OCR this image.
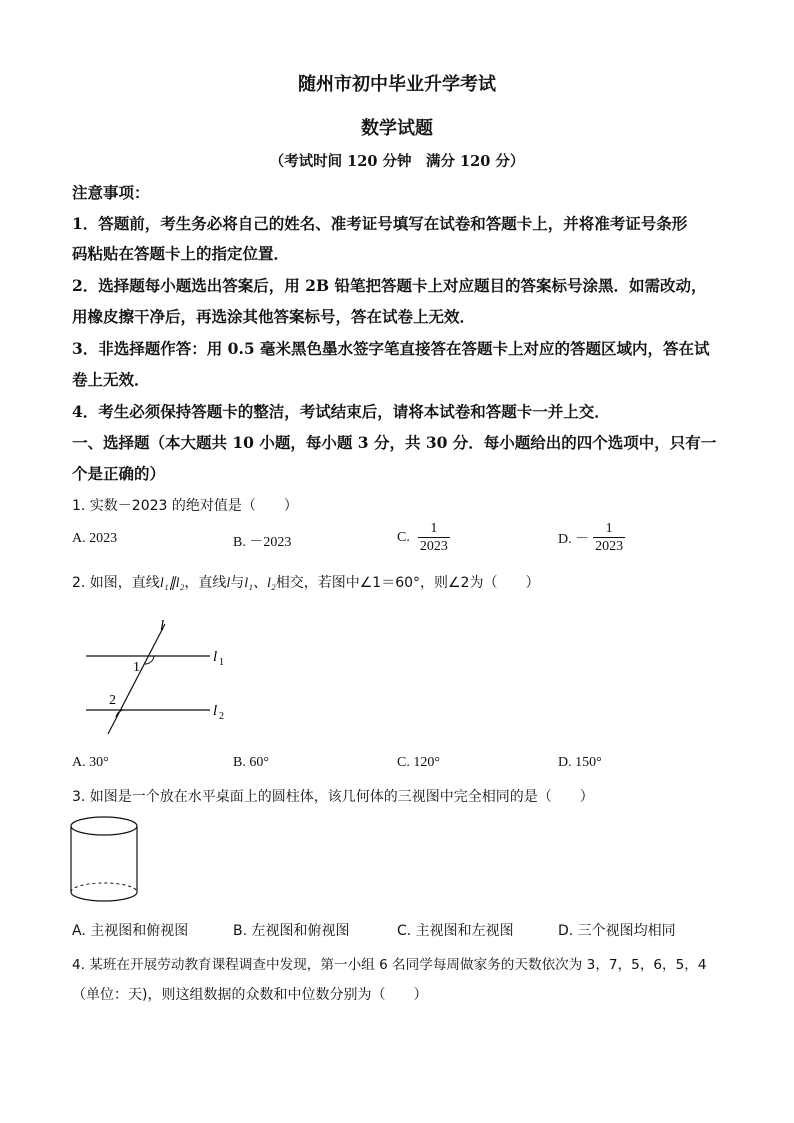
随州市初中毕业升学考试
数学试题
（考试时间 120 分钟　满分 120 分）
注意事项：
1．答题前，考生务必将自己的姓名、准考证号填写在试卷和答题卡上，并将准考证号条形
码粘贴在答题卡上的指定位置．
2．选择题每小题选出答案后，用 2B 铅笔把答题卡上对应题目的答案标号涂黑．如需改动，
用橡皮擦干净后，再选涂其他答案标号，答在试卷上无效．
3．非选择题作答：用 0.5 毫米黑色墨水签字笔直接答在答题卡上对应的答题区域内，答在试
卷上无效．
4．考生必须保持答题卡的整洁，考试结束后，请将本试卷和答题卡一并上交．
一、选择题（本大题共 10 小题，每小题 3 分，共 30 分．每小题给出的四个选项中，只有一
个是正确的）
1. 实数－2023 的绝对值是（　　）
A. 2023	B. －2023	C. $\frac{1}{2023}$	D. － $\frac{1}{2023}$
2. 如图，直线l₁∥l₂，直线l与l₁、l₂相交，若图中∠1＝60°，则∠2为（　　）
l
1
2
l 1
l 2
A. 30°	B. 60°	C. 120°	D. 150°
3. 如图是一个放在水平桌面上的圆柱体，该几何体的三视图中完全相同的是（　　）
A. 主视图和俯视图	B. 左视图和俯视图	C. 主视图和左视图	D. 三个视图均相同
4. 某班在开展劳动教育课程调查中发现，第一小组 6 名同学每周做家务的天数依次为 3，7，5，6，5，4
（单位：天)，则这组数据的众数和中位数分别为（　　）
